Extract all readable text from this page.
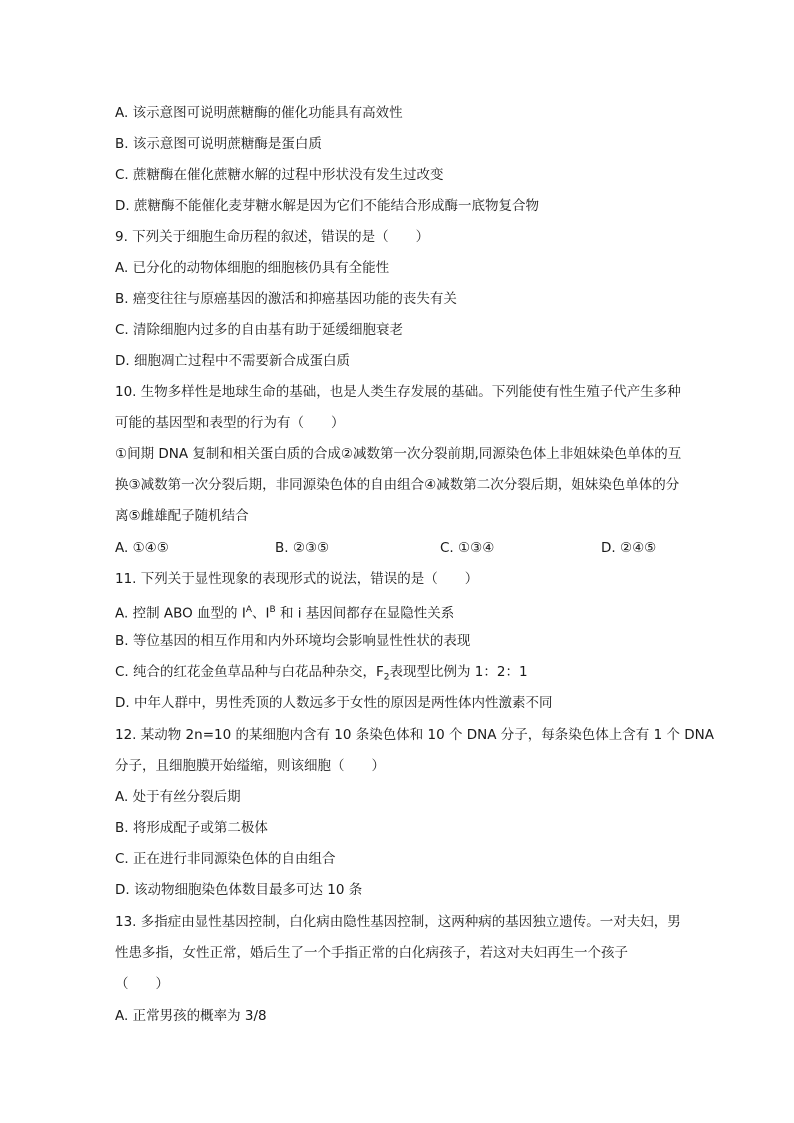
A. 该示意图可说明蔗糖酶的催化功能具有高效性
B. 该示意图可说明蔗糖酶是蛋白质
C. 蔗糖酶在催化蔗糖水解的过程中形状没有发生过改变
D. 蔗糖酶不能催化麦芽糖水解是因为它们不能结合形成酶一底物复合物
9. 下列关于细胞生命历程的叙述，错误的是（　　）
A. 已分化的动物体细胞的细胞核仍具有全能性
B. 癌变往往与原癌基因的激活和抑癌基因功能的丧失有关
C. 清除细胞内过多的自由基有助于延缓细胞衰老
D. 细胞凋亡过程中不需要新合成蛋白质
10. 生物多样性是地球生命的基础，也是人类生存发展的基础。下列能使有性生殖子代产生多种
可能的基因型和表型的行为有（　　）
①间期 DNA 复制和相关蛋白质的合成②减数第一次分裂前期,同源染色体上非姐妹染色单体的互
换③减数第一次分裂后期，非同源染色体的自由组合④减数第二次分裂后期，姐妹染色单体的分
离⑤雌雄配子随机结合
A. ①④⑤	B. ②③⑤	C. ①③④	D. ②④⑤
11. 下列关于显性现象的表现形式的说法，错误的是（　　）
A. 控制 ABO 血型的 $I^A$、$I^B$ 和 i 基因间都存在显隐性关系
B. 等位基因的相互作用和内外环境均会影响显性性状的表现
C. 纯合的红花金鱼草品种与白花品种杂交，$F_2$表现型比例为 1：2：1
D. 中年人群中，男性秃顶的人数远多于女性的原因是两性体内性激素不同
12. 某动物 2n=10 的某细胞内含有 10 条染色体和 10 个 DNA 分子，每条染色体上含有 1 个 DNA
分子，且细胞膜开始缢缩，则该细胞（　　）
A. 处于有丝分裂后期
B. 将形成配子或第二极体
C. 正在进行非同源染色体的自由组合
D. 该动物细胞染色体数目最多可达 10 条
13. 多指症由显性基因控制，白化病由隐性基因控制，这两种病的基因独立遗传。一对夫妇，男
性患多指，女性正常，婚后生了一个手指正常的白化病孩子，若这对夫妇再生一个孩子
（　　）
A. 正常男孩的概率为 3/8
